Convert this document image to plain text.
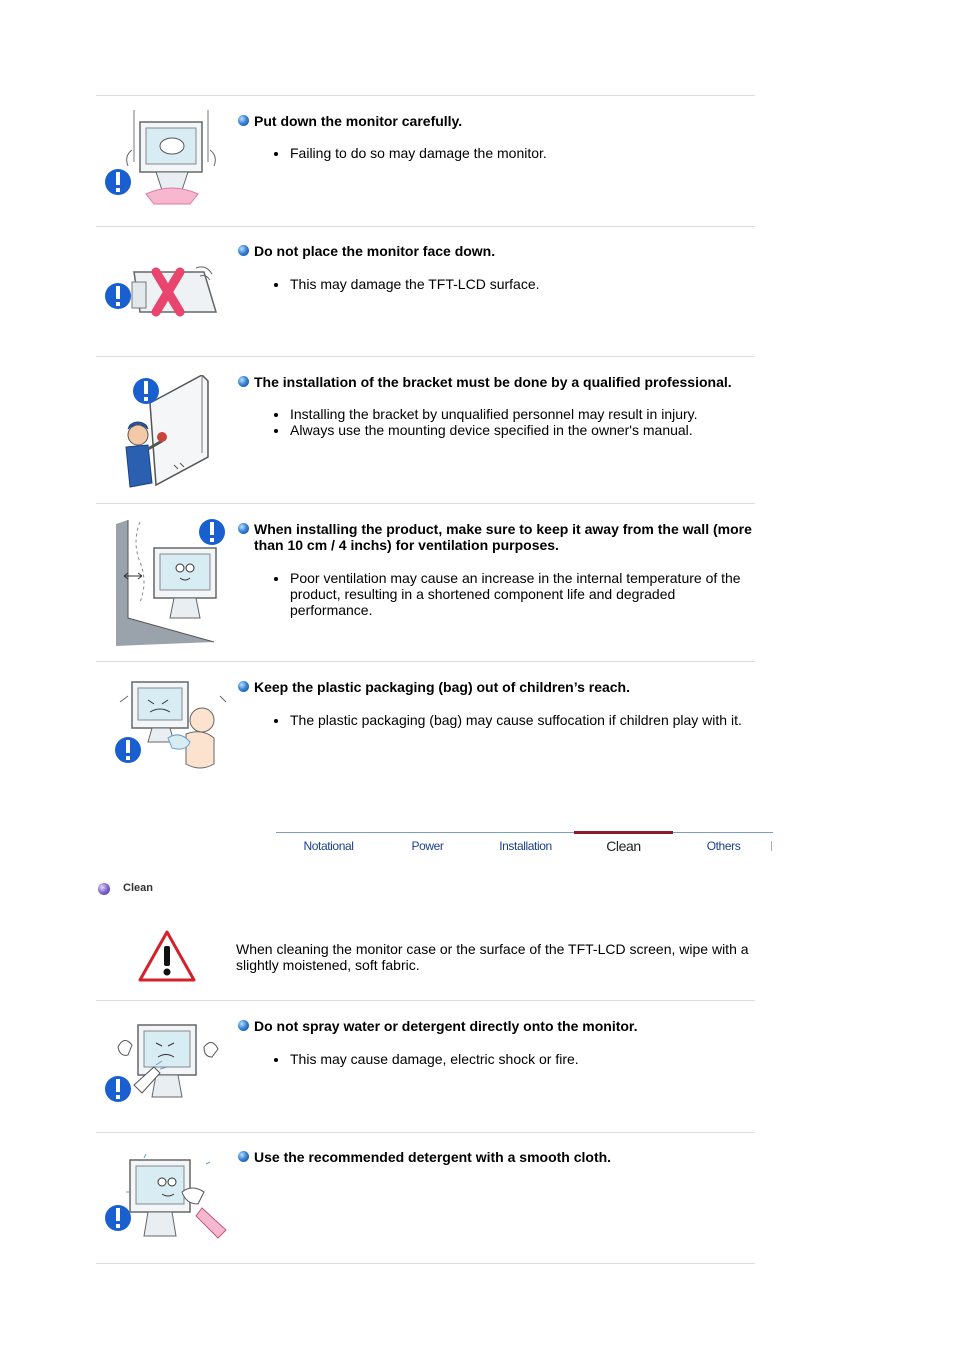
Put down the monitor carefully.
Failing to do so may damage the monitor.
Do not place the monitor face down.
This may damage the TFT-LCD surface.
The installation of the bracket must be done by a qualified professional.
Installing the bracket by unqualified personnel may result in injury.
Always use the mounting device specified in the owner's manual.
When installing the product, make sure to keep it away from the wall (more than 10 cm / 4 inchs) for ventilation purposes.
Poor ventilation may cause an increase in the internal temperature of the product, resulting in a shortened component life and degraded performance.
Keep the plastic packaging (bag) out of children’s reach.
The plastic packaging (bag) may cause suffocation if children play with it.
Notational	Power	Installation	Clean	Others
Clean
When cleaning the monitor case or the surface of the TFT-LCD screen, wipe with a slightly moistened, soft fabric.
Do not spray water or detergent directly onto the monitor.
This may cause damage, electric shock or fire.
Use the recommended detergent with a smooth cloth.
